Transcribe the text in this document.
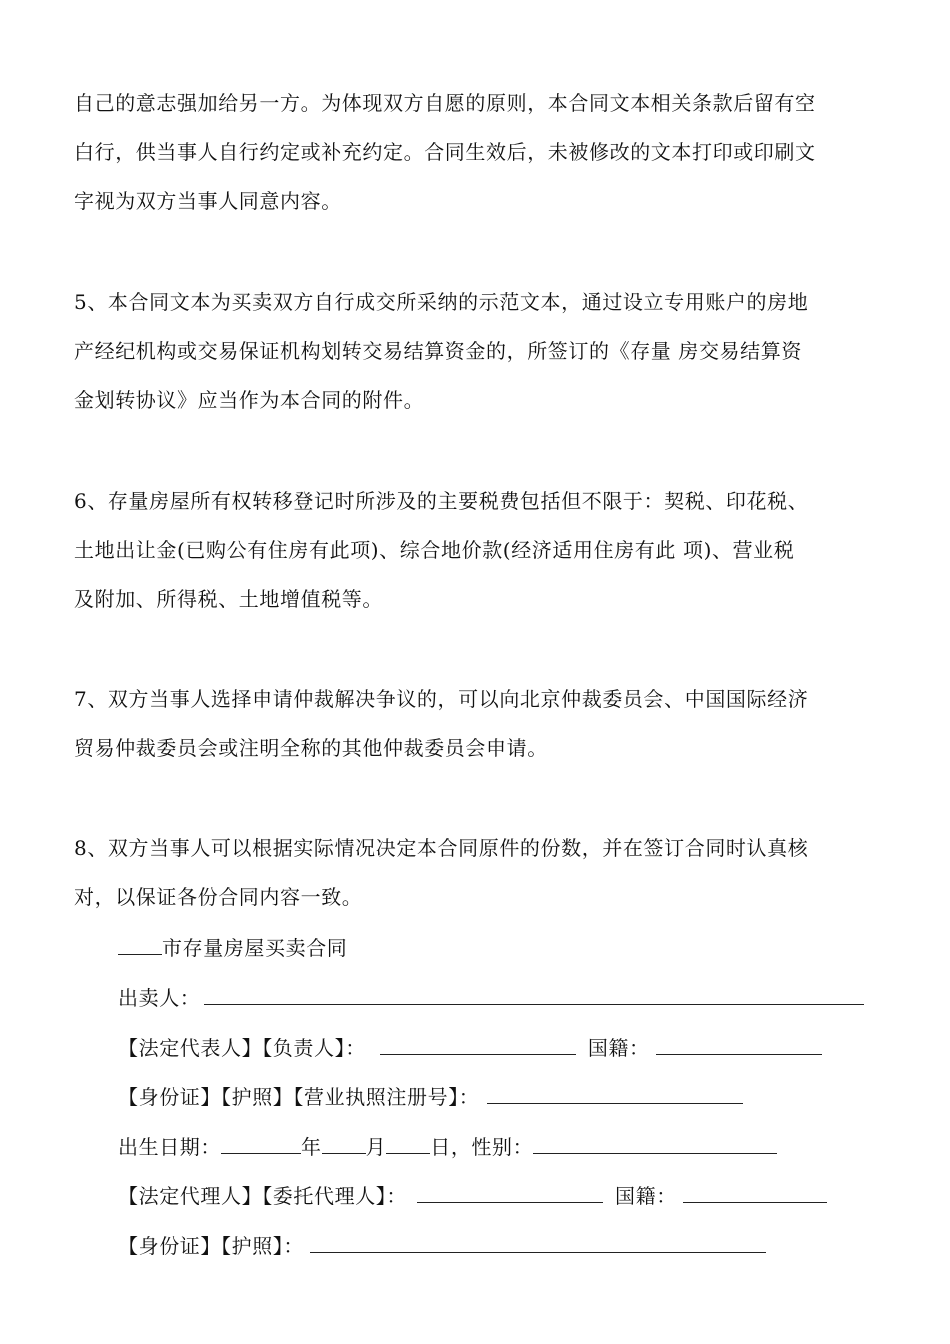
自己的意志强加给另一方。为体现双方自愿的原则，本合同文本相关条款后留有空
白行，供当事人自行约定或补充约定。合同生效后，未被修改的文本打印或印刷文
字视为双方当事人同意内容。
5、本合同文本为买卖双方自行成交所采纳的示范文本，通过设立专用账户的房地
产经纪机构或交易保证机构划转交易结算资金的，所签订的《存量 房交易结算资
金划转协议》应当作为本合同的附件。
6、存量房屋所有权转移登记时所涉及的主要税费包括但不限于：契税、印花税、
土地出让金(已购公有住房有此项)、综合地价款(经济适用住房有此 项)、营业税
及附加、所得税、土地增值税等。
7、双方当事人选择申请仲裁解决争议的，可以向北京仲裁委员会、中国国际经济
贸易仲裁委员会或注明全称的其他仲裁委员会申请。
8、双方当事人可以根据实际情况决定本合同原件的份数，并在签订合同时认真核
对，以保证各份合同内容一致。
市存量房屋买卖合同
出卖人：
【法定代表人】【负责人】：	国籍：
【身份证】【护照】【营业执照注册号】：
出生日期：	年 月 日，性别：
【法定代理人】【委托代理人】：	国籍：
【身份证】【护照】：
